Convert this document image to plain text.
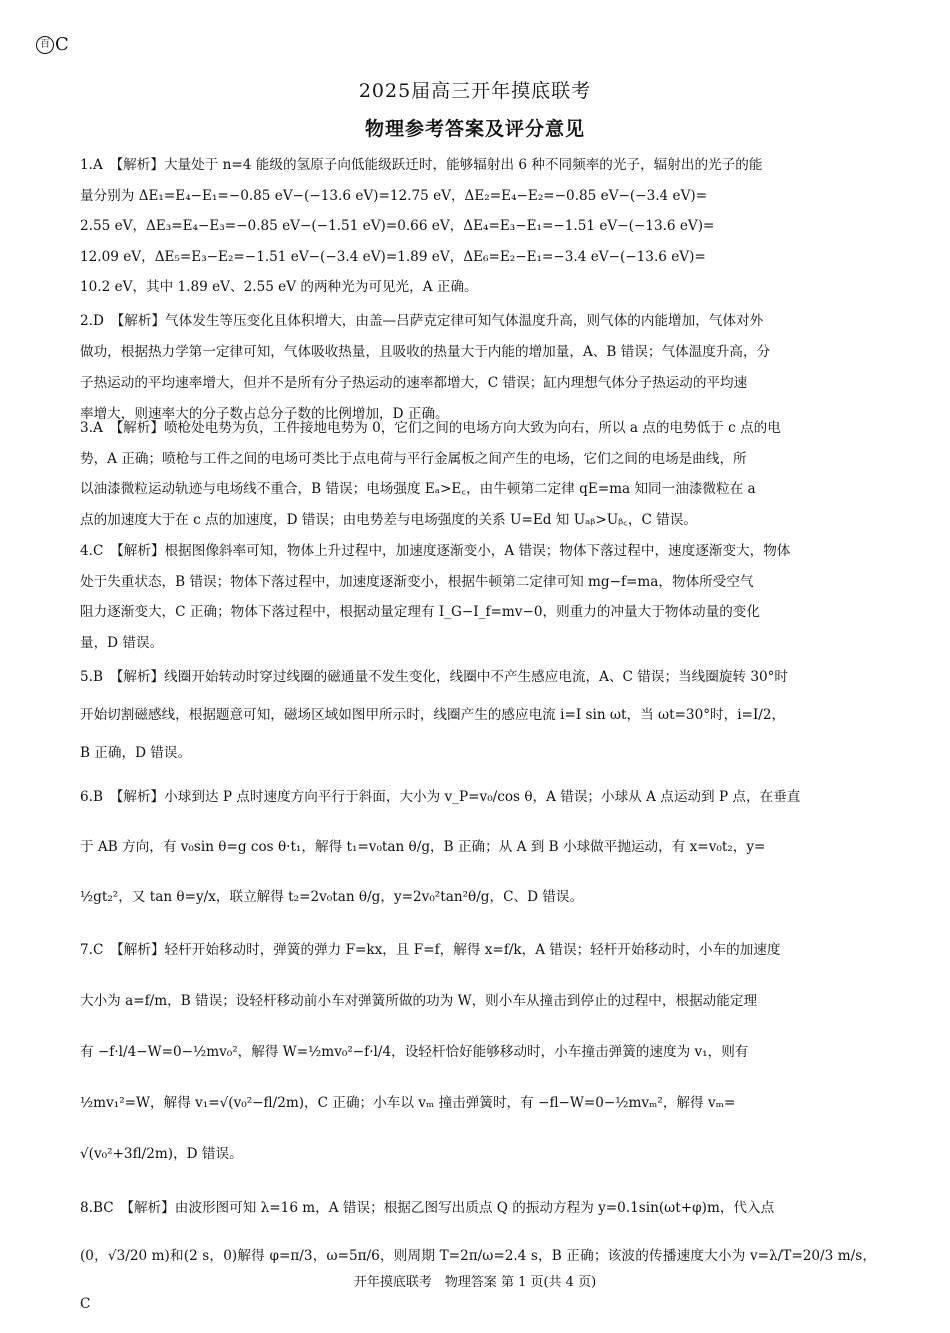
百 C
2025届高三开年摸底联考
物理参考答案及评分意见

1.A　【解析】大量处于 n=4 能级的氢原子向低能级跃迁时，能够辐射出 6 种不同频率的光子，辐射出的光子的能

量分别为 ΔE₁=E₄−E₁=−0.85 eV−(−13.6 eV)=12.75 eV，ΔE₂=E₄−E₂=−0.85 eV−(−3.4 eV)=

2.55 eV，ΔE₃=E₄−E₃=−0.85 eV−(−1.51 eV)=0.66 eV，ΔE₄=E₃−E₁=−1.51 eV−(−13.6 eV)=

12.09 eV，ΔE₅=E₃−E₂=−1.51 eV−(−3.4 eV)=1.89 eV，ΔE₆=E₂−E₁=−3.4 eV−(−13.6 eV)=

10.2 eV，其中 1.89 eV、2.55 eV 的两种光为可见光，A 正确。

2.D　【解析】气体发生等压变化且体积增大，由盖—吕萨克定律可知气体温度升高，则气体的内能增加，气体对外

做功，根据热力学第一定律可知，气体吸收热量，且吸收的热量大于内能的增加量，A、B 错误；气体温度升高，分

子热运动的平均速率增大，但并不是所有分子热运动的速率都增大，C 错误；缸内理想气体分子热运动的平均速

率增大，则速率大的分子数占总分子数的比例增加，D 正确。

3.A　【解析】喷枪处电势为负，工件接地电势为 0，它们之间的电场方向大致为向右，所以 a 点的电势低于 c 点的电

势，A 正确；喷枪与工件之间的电场可类比于点电荷与平行金属板之间产生的电场，它们之间的电场是曲线，所

以油漆微粒运动轨迹与电场线不重合，B 错误；电场强度 Eₐ>E꜀，由牛顿第二定律 qE=ma 知同一油漆微粒在 a

点的加速度大于在 c 点的加速度，D 错误；由电势差与电场强度的关系 U=Ed 知 Uₐᵦ>Uᵦ꜀，C 错误。

4.C　【解析】根据图像斜率可知，物体上升过程中，加速度逐渐变小，A 错误；物体下落过程中，速度逐渐变大，物体

处于失重状态，B 错误；物体下落过程中，加速度逐渐变小，根据牛顿第二定律可知 mg−f=ma，物体所受空气

阻力逐渐变大，C 正确；物体下落过程中，根据动量定理有 I_G−I_f=mv−0，则重力的冲量大于物体动量的变化

量，D 错误。

5.B　【解析】线圈开始转动时穿过线圈的磁通量不发生变化，线圈中不产生感应电流，A、C 错误；当线圈旋转 30°时

开始切割磁感线，根据题意可知，磁场区域如图甲所示时，线圈产生的感应电流 i=I sin ωt，当 ωt=30°时，i=I/2，

B 正确，D 错误。

6.B　【解析】小球到达 P 点时速度方向平行于斜面，大小为 v_P=v₀/cos θ，A 错误；小球从 A 点运动到 P 点，在垂直

于 AB 方向，有 v₀sin θ=g cos θ·t₁，解得 t₁=v₀tan θ/g，B 正确；从 A 到 B 小球做平抛运动，有 x=v₀t₂，y=

½gt₂²，又 tan θ=y/x，联立解得 t₂=2v₀tan θ/g，y=2v₀²tan²θ/g，C、D 错误。

7.C　【解析】轻杆开始移动时，弹簧的弹力 F=kx，且 F=f，解得 x=f/k，A 错误；轻杆开始移动时，小车的加速度

大小为 a=f/m，B 错误；设轻杆移动前小车对弹簧所做的功为 W，则小车从撞击到停止的过程中，根据动能定理

有 −f·l/4−W=0−½mv₀²，解得 W=½mv₀²−f·l/4，设轻杆恰好能够移动时，小车撞击弹簧的速度为 v₁，则有

½mv₁²=W，解得 v₁=√(v₀²−fl/2m)，C 正确；小车以 vₘ 撞击弹簧时，有 −fl−W=0−½mvₘ²，解得 vₘ=

√(v₀²+3fl/2m)，D 错误。

8.BC　【解析】由波形图可知 λ=16 m，A 错误；根据乙图写出质点 Q 的振动方程为 y=0.1sin(ωt+φ)m，代入点

(0，√3/20 m)和(2 s，0)解得 φ=π/3，ω=5π/6，则周期 T=2π/ω=2.4 s，B 正确；该波的传播速度大小为 v=λ/T=20/3 m/s，C

开年摸底联考　物理答案 第 1 页(共 4 页)
